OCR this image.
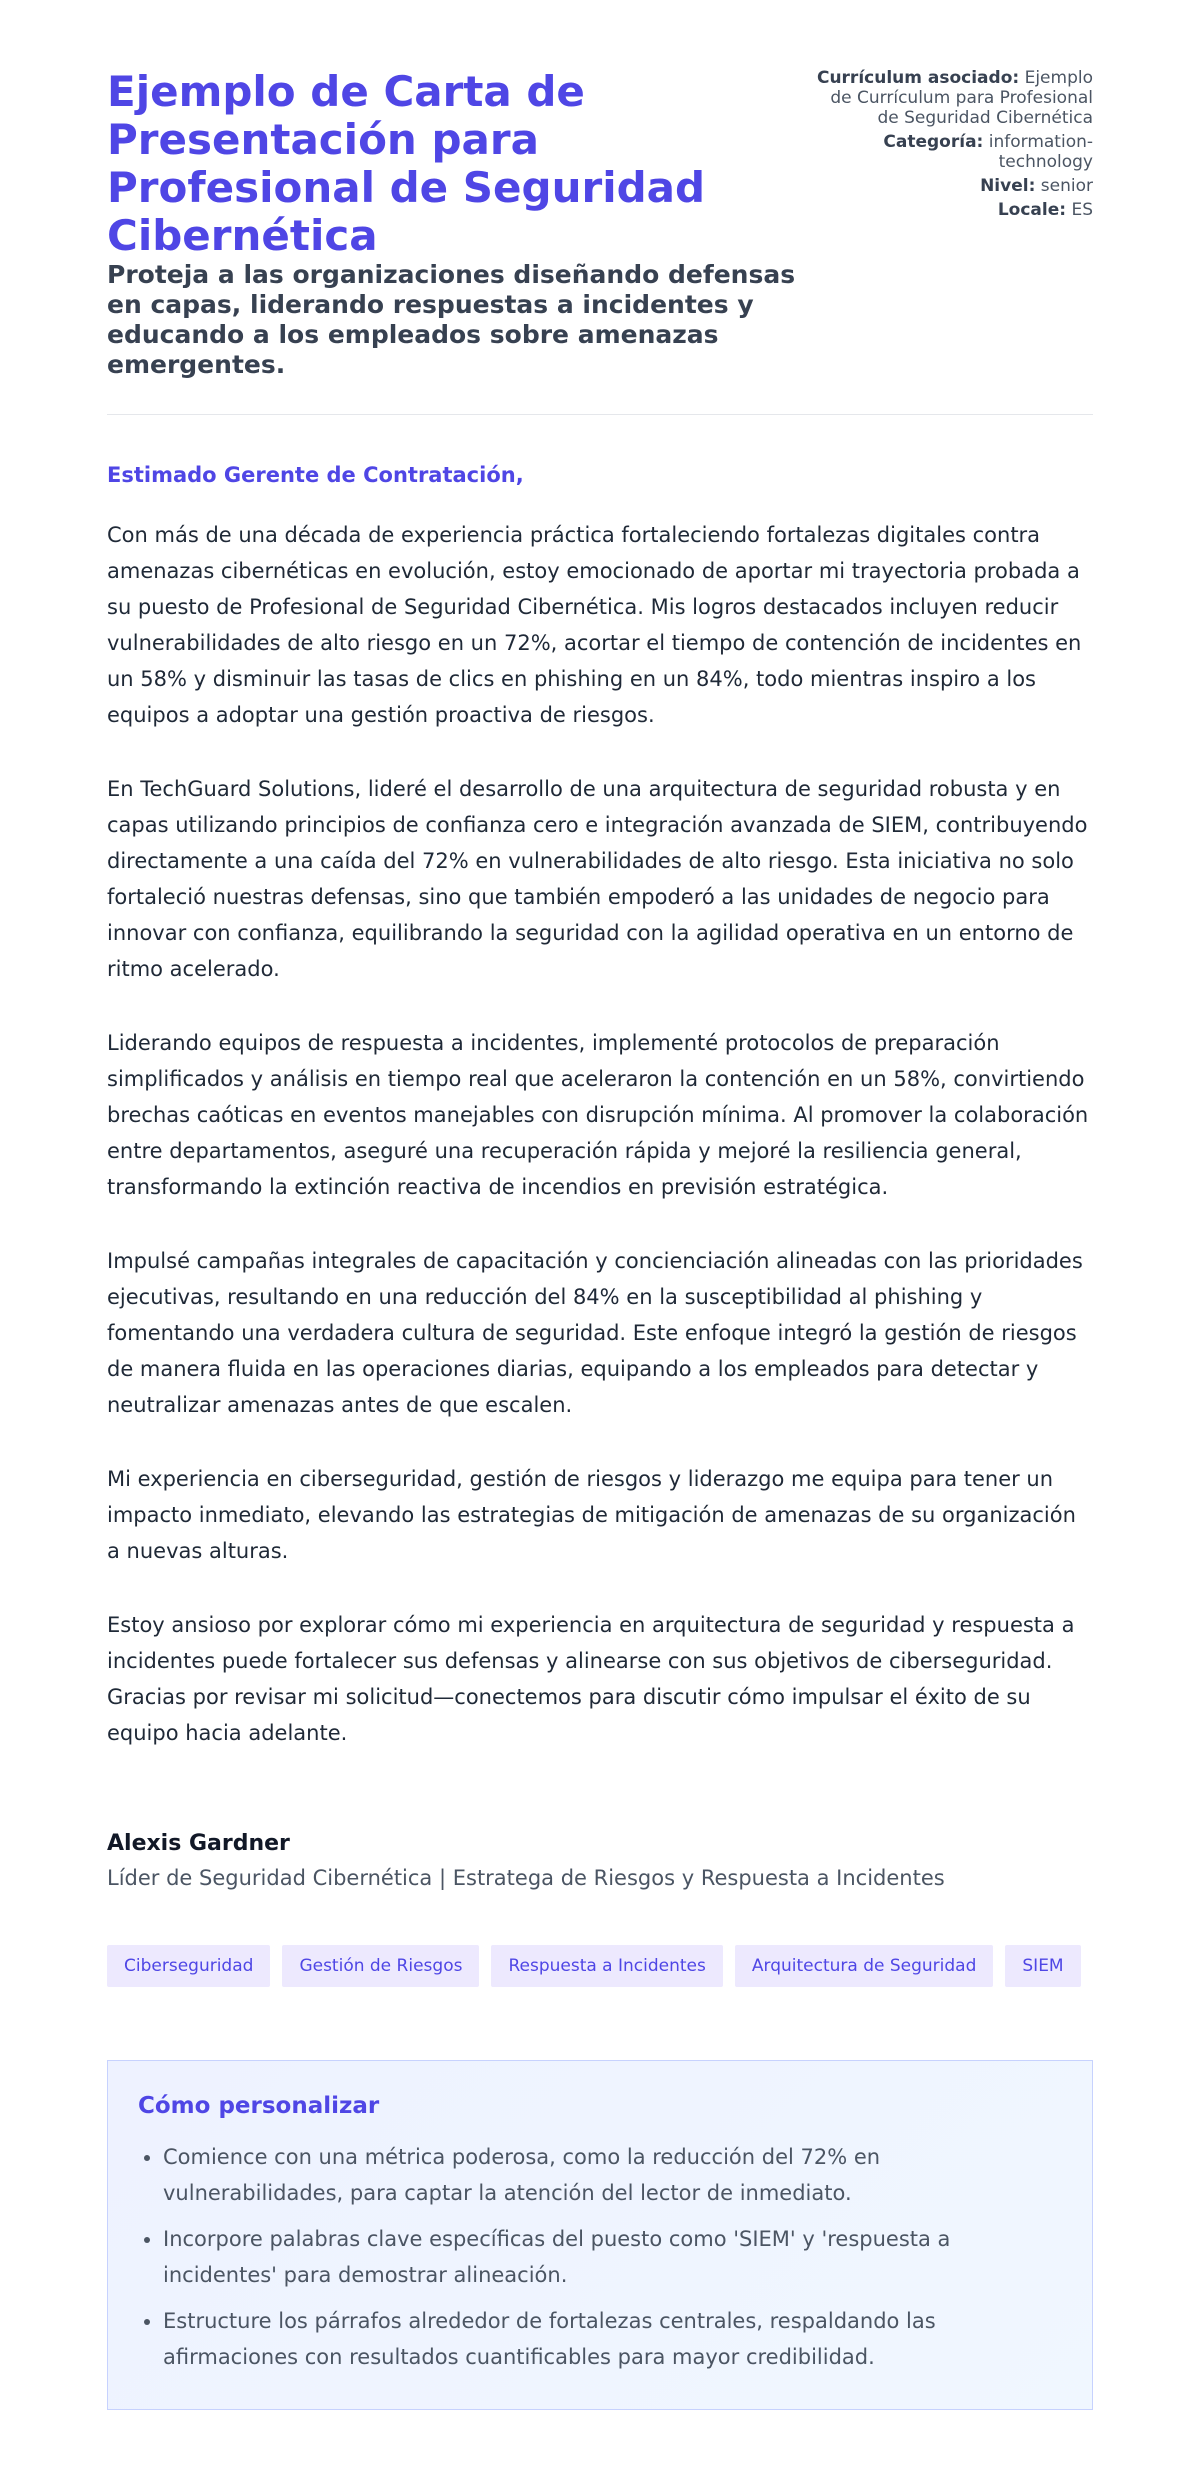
Ejemplo de Carta de Presentación para Profesional de Seguridad Cibernética
Proteja a las organizaciones diseñando defensas en capas, liderando respuestas a incidentes y educando a los empleados sobre amenazas emergentes.
Currículum asociado: Ejemplo de Currículum para Profesional de Seguridad Cibernética
Categoría: information-technology
Nivel: senior
Locale: ES

Estimado Gerente de Contratación,

Con más de una década de experiencia práctica fortaleciendo fortalezas digitales contra amenazas cibernéticas en evolución, estoy emocionado de aportar mi trayectoria probada a su puesto de Profesional de Seguridad Cibernética. Mis logros destacados incluyen reducir vulnerabilidades de alto riesgo en un 72%, acortar el tiempo de contención de incidentes en un 58% y disminuir las tasas de clics en phishing en un 84%, todo mientras inspiro a los equipos a adoptar una gestión proactiva de riesgos.

En TechGuard Solutions, lideré el desarrollo de una arquitectura de seguridad robusta y en capas utilizando principios de confianza cero e integración avanzada de SIEM, contribuyendo directamente a una caída del 72% en vulnerabilidades de alto riesgo. Esta iniciativa no solo fortaleció nuestras defensas, sino que también empoderó a las unidades de negocio para innovar con confianza, equilibrando la seguridad con la agilidad operativa en un entorno de ritmo acelerado.

Liderando equipos de respuesta a incidentes, implementé protocolos de preparación simplificados y análisis en tiempo real que aceleraron la contención en un 58%, convirtiendo brechas caóticas en eventos manejables con disrupción mínima. Al promover la colaboración entre departamentos, aseguré una recuperación rápida y mejoré la resiliencia general, transformando la extinción reactiva de incendios en previsión estratégica.

Impulsé campañas integrales de capacitación y concienciación alineadas con las prioridades ejecutivas, resultando en una reducción del 84% en la susceptibilidad al phishing y fomentando una verdadera cultura de seguridad. Este enfoque integró la gestión de riesgos de manera fluida en las operaciones diarias, equipando a los empleados para detectar y neutralizar amenazas antes de que escalen.

Mi experiencia en ciberseguridad, gestión de riesgos y liderazgo me equipa para tener un impacto inmediato, elevando las estrategias de mitigación de amenazas de su organización a nuevas alturas.

Estoy ansioso por explorar cómo mi experiencia en arquitectura de seguridad y respuesta a incidentes puede fortalecer sus defensas y alinearse con sus objetivos de ciberseguridad. Gracias por revisar mi solicitud—conectemos para discutir cómo impulsar el éxito de su equipo hacia adelante.

Alexis Gardner

Líder de Seguridad Cibernética | Estratega de Riesgos y Respuesta a Incidentes

Ciberseguridad	Gestión de Riesgos	Respuesta a Incidentes	Arquitectura de Seguridad	SIEM
Cómo personalizar
• Comience con una métrica poderosa, como la reducción del 72% en vulnerabilidades, para captar la atención del lector de inmediato.
• Incorpore palabras clave específicas del puesto como 'SIEM' y 'respuesta a incidentes' para demostrar alineación.
• Estructure los párrafos alrededor de fortalezas centrales, respaldando las afirmaciones con resultados cuantificables para mayor credibilidad.
